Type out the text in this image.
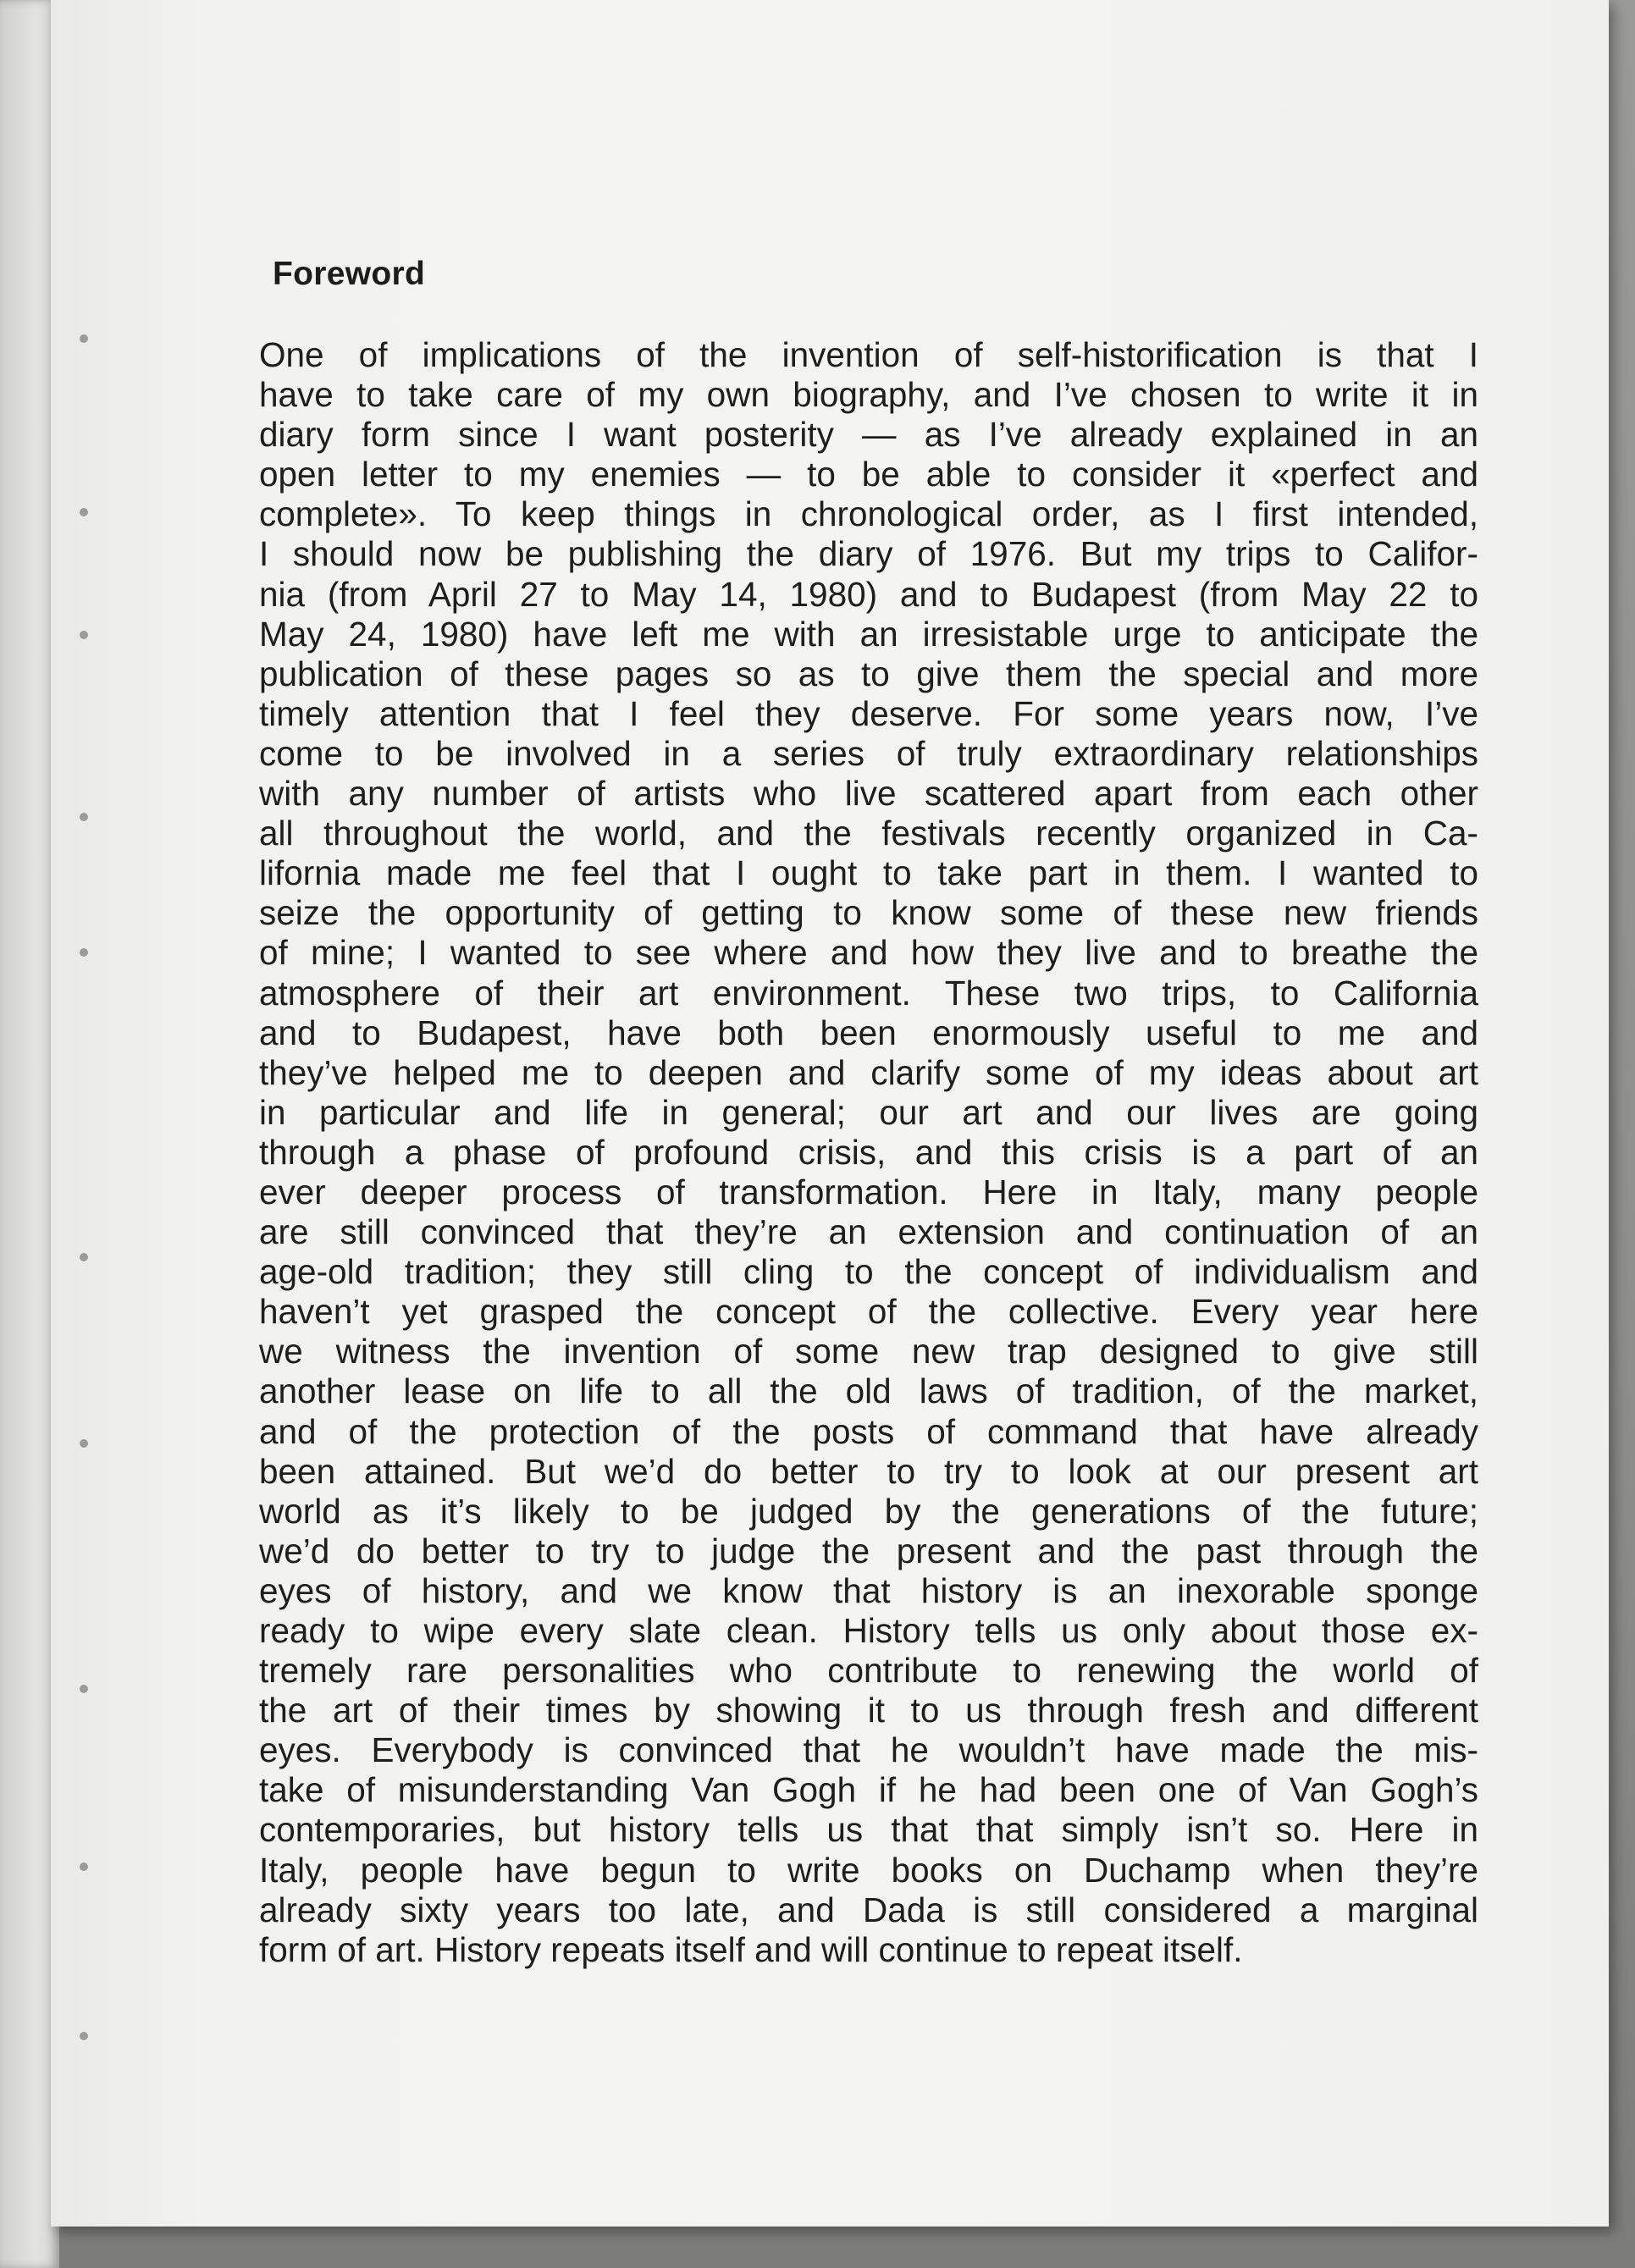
Foreword
One of implications of the invention of self-historification is that I
have to take care of my own biography, and I’ve chosen to write it in
diary form since I want posterity — as I’ve already explained in an
open letter to my enemies — to be able to consider it «perfect and
complete». To keep things in chronological order, as I first intended,
I should now be publishing the diary of 1976. But my trips to Califor-
nia (from April 27 to May 14, 1980) and to Budapest (from May 22 to
May 24, 1980) have left me with an irresistable urge to anticipate the
publication of these pages so as to give them the special and more
timely attention that I feel they deserve. For some years now, I’ve
come to be involved in a series of truly extraordinary relationships
with any number of artists who live scattered apart from each other
all throughout the world, and the festivals recently organized in Ca-
lifornia made me feel that I ought to take part in them. I wanted to
seize the opportunity of getting to know some of these new friends
of mine; I wanted to see where and how they live and to breathe the
atmosphere of their art environment. These two trips, to California
and to Budapest, have both been enormously useful to me and
they’ve helped me to deepen and clarify some of my ideas about art
in particular and life in general; our art and our lives are going
through a phase of profound crisis, and this crisis is a part of an
ever deeper process of transformation. Here in Italy, many people
are still convinced that they’re an extension and continuation of an
age-old tradition; they still cling to the concept of individualism and
haven’t yet grasped the concept of the collective. Every year here
we witness the invention of some new trap designed to give still
another lease on life to all the old laws of tradition, of the market,
and of the protection of the posts of command that have already
been attained. But we’d do better to try to look at our present art
world as it’s likely to be judged by the generations of the future;
we’d do better to try to judge the present and the past through the
eyes of history, and we know that history is an inexorable sponge
ready to wipe every slate clean. History tells us only about those ex-
tremely rare personalities who contribute to renewing the world of
the art of their times by showing it to us through fresh and different
eyes. Everybody is convinced that he wouldn’t have made the mis-
take of misunderstanding Van Gogh if he had been one of Van Gogh’s
contemporaries, but history tells us that that simply isn’t so. Here in
Italy, people have begun to write books on Duchamp when they’re
already sixty years too late, and Dada is still considered a marginal
form of art. History repeats itself and will continue to repeat itself.
